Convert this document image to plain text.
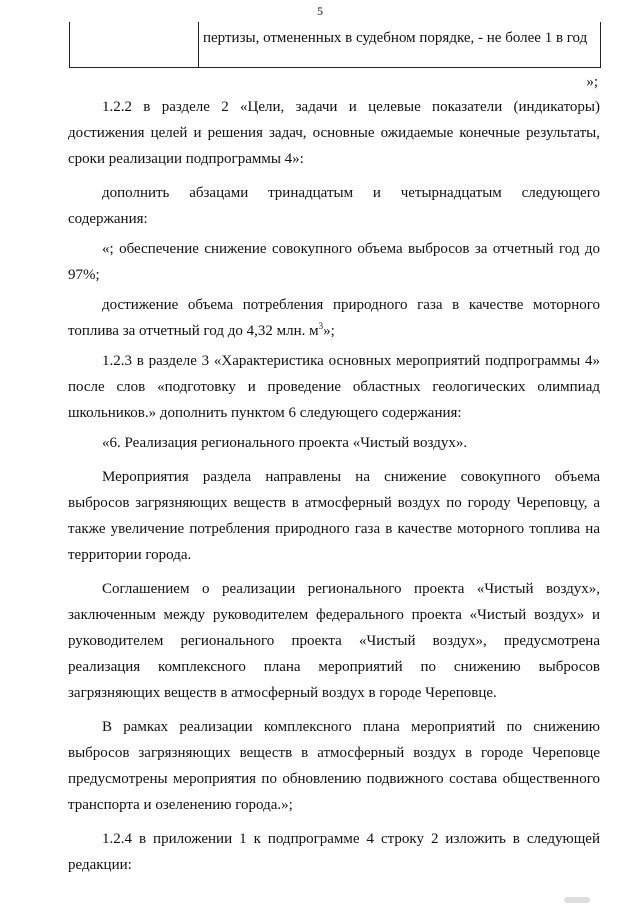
5
пертизы, отмененных в судебном порядке, - не более 1 в год
»;

1.2.2 в разделе 2 «Цели, задачи и целевые показатели (индикаторы) достижения целей и решения задач, основные ожидаемые конечные результаты, сроки реализации подпрограммы 4»:

дополнить абзацами тринадцатым и четырнадцатым следующего содержания:

«; обеспечение снижение совокупного объема выбросов за отчетный год до 97%;

достижение объема потребления природного газа в качестве моторного топлива за отчетный год до 4,32 млн. $м^3$»;

1.2.3 в разделе 3 «Характеристика основных мероприятий подпрограммы 4» после слов «подготовку и проведение областных геологических олимпиад школьников.» дополнить пунктом 6 следующего содержания:

«6. Реализация регионального проекта «Чистый воздух».

Мероприятия раздела направлены на снижение совокупного объема выбросов загрязняющих веществ в атмосферный воздух по городу Череповцу, а также увеличение потребления природного газа в качестве моторного топлива на территории города.

Соглашением о реализации регионального проекта «Чистый воздух», заключенным между руководителем федерального проекта «Чистый воздух» и руководителем регионального проекта «Чистый воздух», предусмотрена реализация комплексного плана мероприятий по снижению выбросов загрязняющих веществ в атмосферный воздух в городе Череповце.

В рамках реализации комплексного плана мероприятий по снижению выбросов загрязняющих веществ в атмосферный воздух в городе Череповце предусмотрены мероприятия по обновлению подвижного состава общественного транспорта и озеленению города.»;

1.2.4 в приложении 1 к подпрограмме 4 строку 2 изложить в следующей редакции:
